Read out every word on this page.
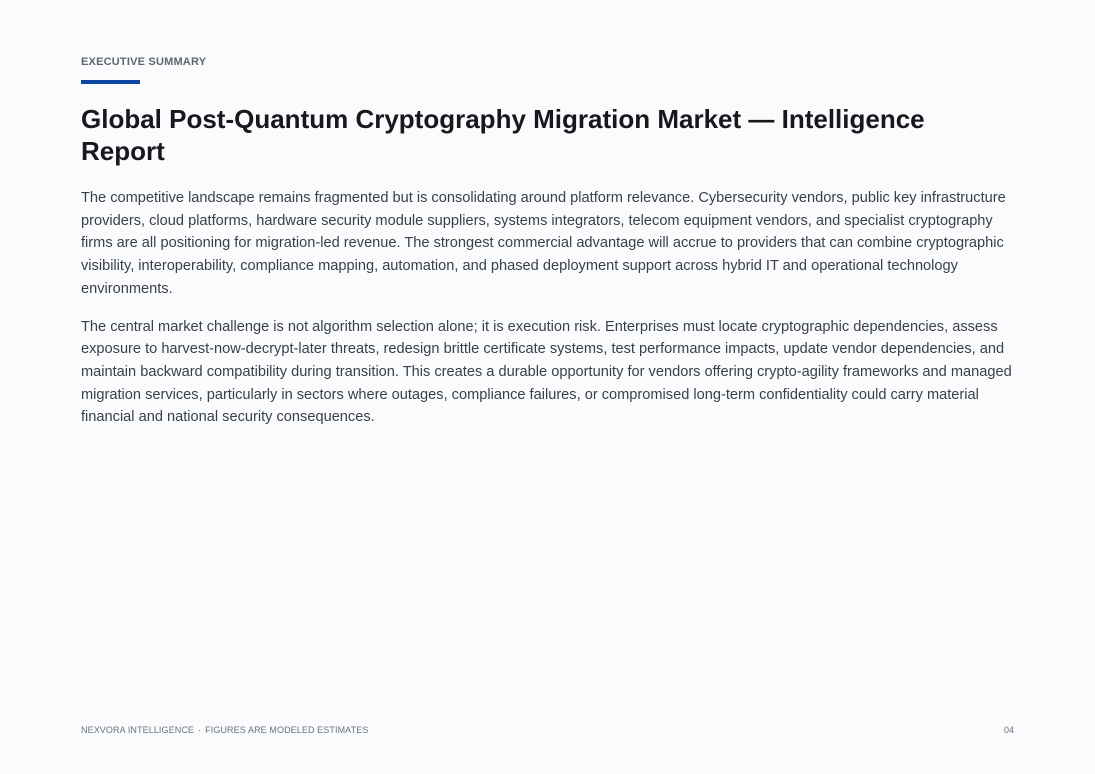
EXECUTIVE SUMMARY
Global Post-Quantum Cryptography Migration Market — Intelligence Report

The competitive landscape remains fragmented but is consolidating around platform relevance. Cybersecurity vendors, public key infrastructure providers, cloud platforms, hardware security module suppliers, systems integrators, telecom equipment vendors, and specialist cryptography firms are all positioning for migration-led revenue. The strongest commercial advantage will accrue to providers that can combine cryptographic visibility, interoperability, compliance mapping, automation, and phased deployment support across hybrid IT and operational technology environments.

The central market challenge is not algorithm selection alone; it is execution risk. Enterprises must locate cryptographic dependencies, assess exposure to harvest-now-decrypt-later threats, redesign brittle certificate systems, test performance impacts, update vendor dependencies, and maintain backward compatibility during transition. This creates a durable opportunity for vendors offering crypto-agility frameworks and managed migration services, particularly in sectors where outages, compliance failures, or compromised long-term confidentiality could carry material financial and national security consequences.

NEXVORA INTELLIGENCE · FIGURES ARE MODELED ESTIMATES	04
